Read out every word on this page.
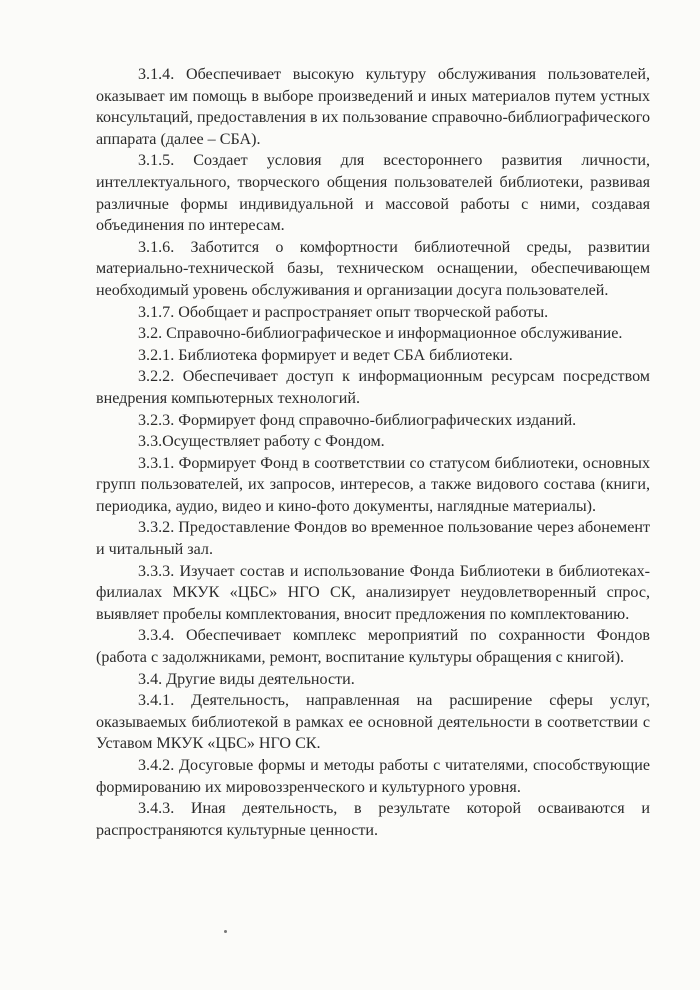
3.1.4. Обеспечивает высокую культуру обслуживания пользователей, оказывает им помощь в выборе произведений и иных материалов путем устных консультаций, предоставления в их пользование справочно-библиографического аппарата (далее – СБА).

3.1.5. Создает условия для всестороннего развития личности, интеллектуального, творческого общения пользователей библиотеки, развивая различные формы индивидуальной и массовой работы с ними, создавая объединения по интересам.

3.1.6. Заботится о комфортности библиотечной среды, развитии материально-технической базы, техническом оснащении, обеспечивающем необходимый уровень обслуживания и организации досуга пользователей.

3.1.7. Обобщает и распространяет опыт творческой работы.

3.2. Справочно-библиографическое и информационное обслуживание.

3.2.1. Библиотека формирует и ведет СБА библиотеки.

3.2.2. Обеспечивает доступ к информационным ресурсам посредством внедрения компьютерных технологий.

3.2.3. Формирует фонд справочно-библиографических изданий.

3.3.Осуществляет работу с Фондом.

3.3.1. Формирует Фонд в соответствии со статусом библиотеки, основных групп пользователей, их запросов, интересов, а также видового состава (книги, периодика, аудио, видео и кино-фото документы, наглядные материалы).

3.3.2. Предоставление Фондов во временное пользование через абонемент и читальный зал.

3.3.3. Изучает состав и использование Фонда Библиотеки в библиотеках-филиалах МКУК «ЦБС» НГО СК, анализирует неудовлетворенный спрос, выявляет пробелы комплектования, вносит предложения по комплектованию.

3.3.4. Обеспечивает комплекс мероприятий по сохранности Фондов (работа с задолжниками, ремонт, воспитание культуры обращения с книгой).

3.4. Другие виды деятельности.

3.4.1. Деятельность, направленная на расширение сферы услуг, оказываемых библиотекой в рамках ее основной деятельности в соответствии с Уставом МКУК «ЦБС» НГО СК.

3.4.2. Досуговые формы и методы работы с читателями, способствующие формированию их мировоззренческого и культурного уровня.

3.4.3. Иная деятельность, в результате которой осваиваются и распространяются культурные ценности.
